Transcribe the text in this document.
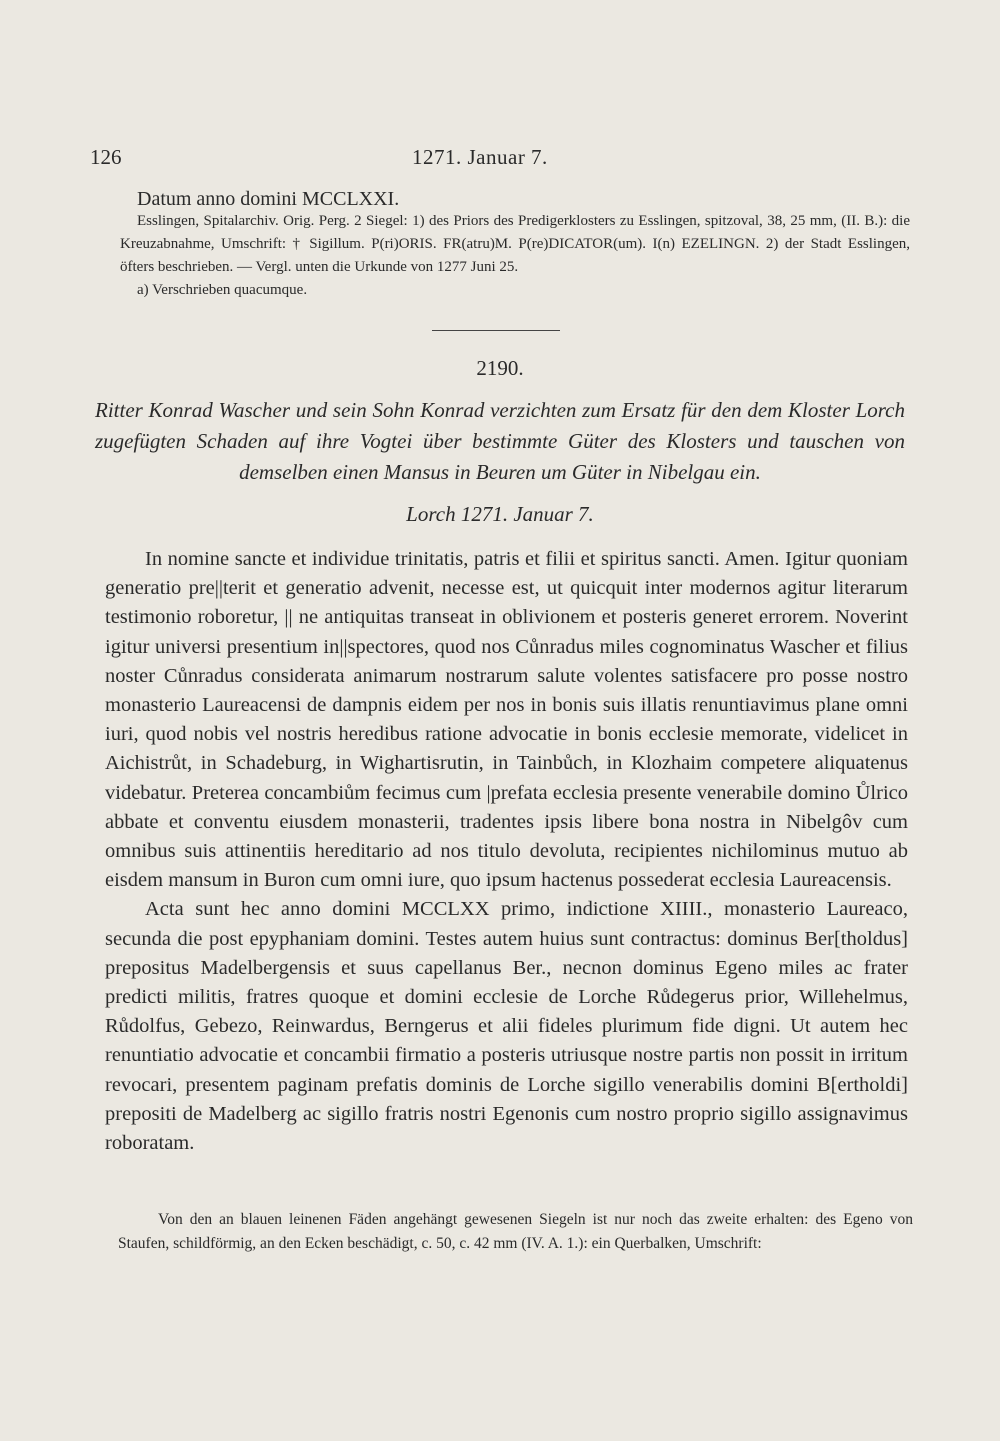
126	1271. Januar 7.
Datum anno domini MCCLXXI.

Esslingen, Spitalarchiv. Orig. Perg. 2 Siegel: 1) des Priors des Predigerklosters zu Esslingen, spitzoval, 38, 25 mm, (II. B.): die Kreuzabnahme, Umschrift: † Sigillum. P(ri)ORIS. FR(atru)M. P(re)DICATOR(um). I(n) EZELINGN. 2) der Stadt Esslingen, öfters beschrieben. — Vergl. unten die Urkunde von 1277 Juni 25.

a) Verschrieben quacumque.

2190.
Ritter Konrad Wascher und sein Sohn Konrad verzichten zum Ersatz für den dem Kloster Lorch zugefügten Schaden auf ihre Vogtei über bestimmte Güter des Klosters und tauschen von demselben einen Mansus in Beuren um Güter in Nibelgau ein.
Lorch 1271. Januar 7.

In nomine sancte et individue trinitatis, patris et filii et spiritus sancti. Amen. Igitur quoniam generatio pre||terit et generatio advenit, necesse est, ut quicquit inter modernos agitur literarum testimonio roboretur, || ne antiquitas transeat in oblivionem et posteris generet errorem. Noverint igitur universi presentium in||spectores, quod nos Cůnradus miles cognominatus Wascher et filius noster Cůnradus considerata animarum nostrarum salute volentes satisfacere pro posse nostro monasterio Laureacensi de dampnis eidem per nos in bonis suis illatis renuntiavimus plane omni iuri, quod nobis vel nostris heredibus ratione advocatie in bonis ecclesie memorate, videlicet in Aichistrůt, in Schadeburg, in Wighartisrutin, in Tainbůch, in Klozhaim competere aliquatenus videbatur. Preterea concambiům fecimus cum |prefata ecclesia presente venerabile domino Ůlrico abbate et conventu eiusdem monasterii, tradentes ipsis libere bona nostra in Nibelgôv cum omnibus suis attinentiis hereditario ad nos titulo devoluta, recipientes nichilominus mutuo ab eisdem mansum in Buron cum omni iure, quo ipsum hactenus possederat ecclesia Laureacensis.

Acta sunt hec anno domini MCCLXX primo, indictione XIIII., monasterio Laureaco, secunda die post epyphaniam domini. Testes autem huius sunt contractus: dominus Ber[tholdus] prepositus Madelbergensis et suus capellanus Ber., necnon dominus Egeno miles ac frater predicti militis, fratres quoque et domini ecclesie de Lorche Růdegerus prior, Willehelmus, Růdolfus, Gebezo, Reinwardus, Berngerus et alii fideles plurimum fide digni. Ut autem hec renuntiatio advocatie et concambii firmatio a posteris utriusque nostre partis non possit in irritum revocari, presentem paginam prefatis dominis de Lorche sigillo venerabilis domini B[ertholdi] prepositi de Madelberg ac sigillo fratris nostri Egenonis cum nostro proprio sigillo assignavimus roboratam.

Von den an blauen leinenen Fäden angehängt gewesenen Siegeln ist nur noch das zweite erhalten: des Egeno von Staufen, schildförmig, an den Ecken beschädigt, c. 50, c. 42 mm (IV. A. 1.): ein Querbalken, Umschrift:
